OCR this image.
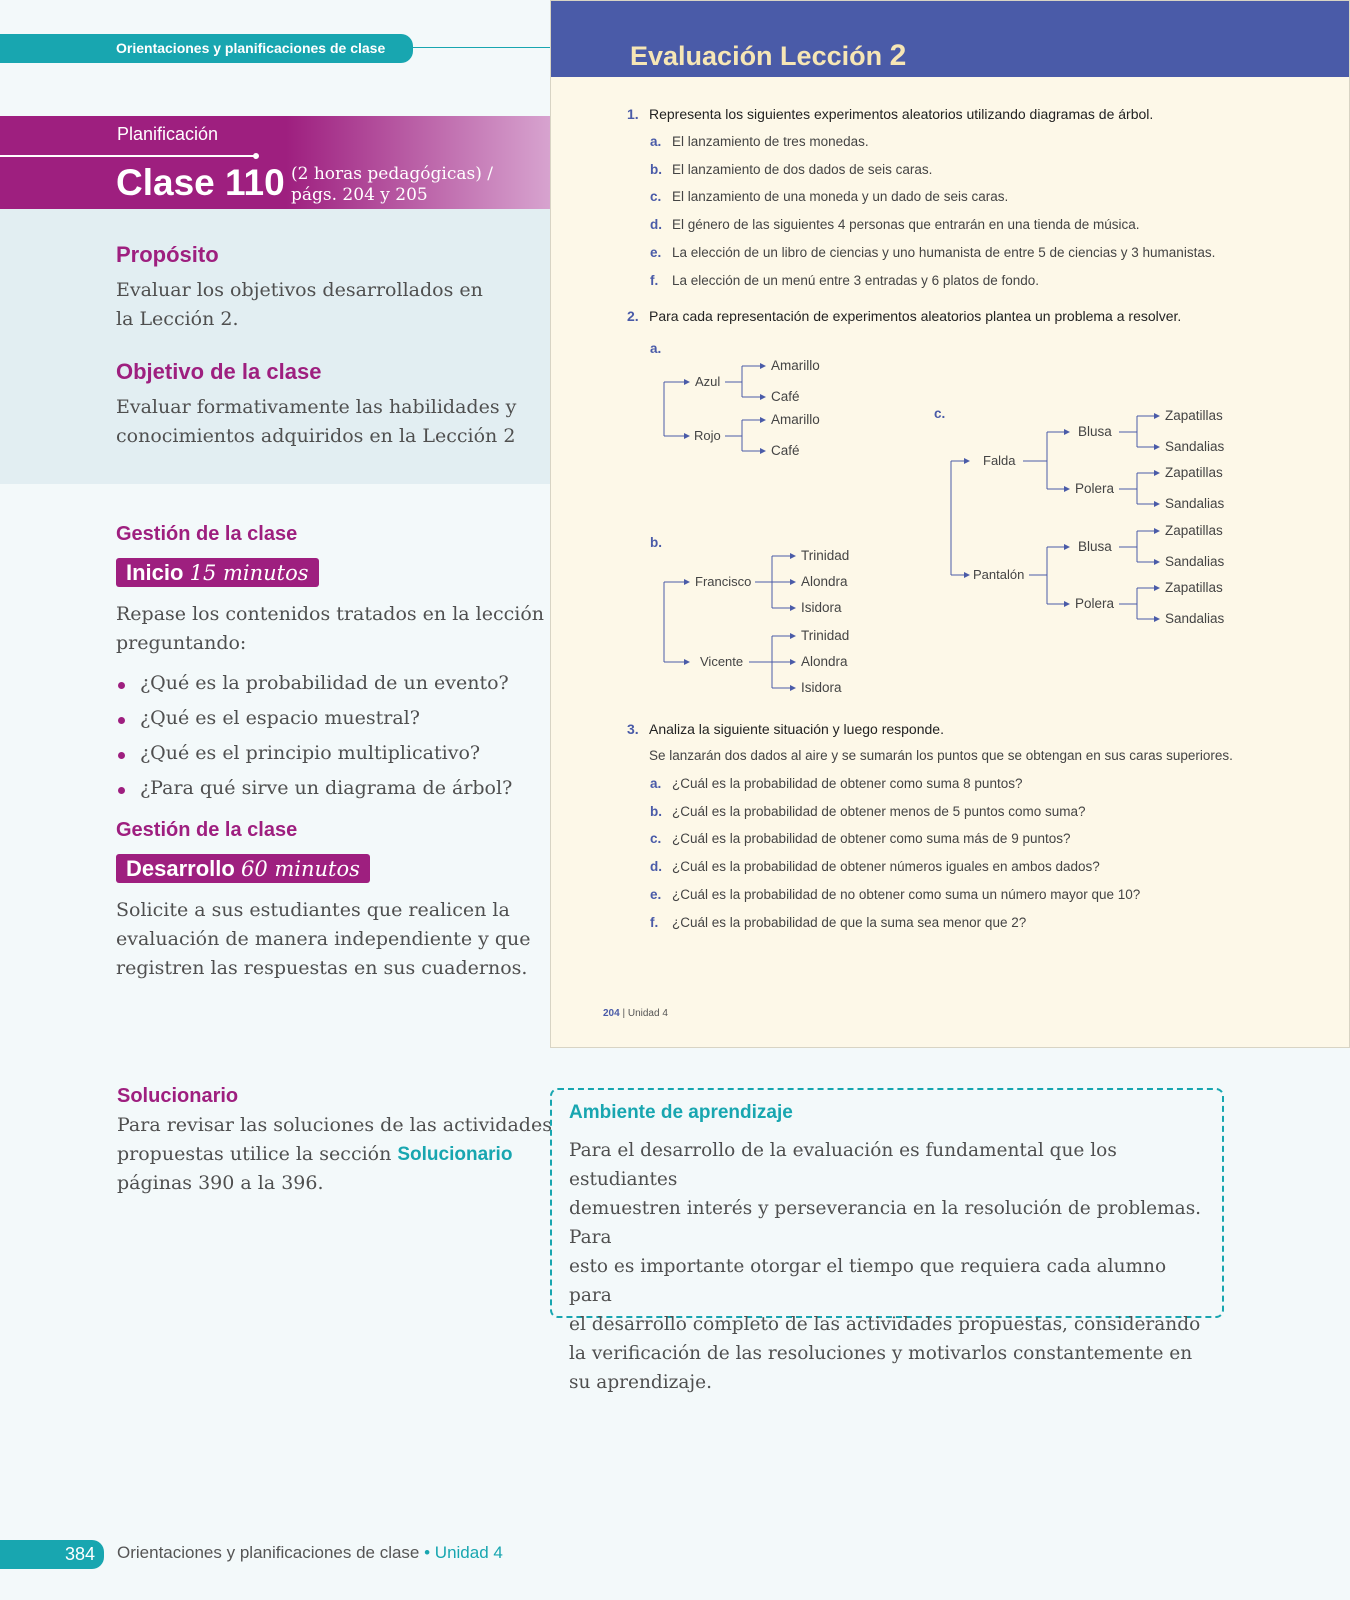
Orientaciones y planificaciones de clase
Planificación
Clase 110 (2 horas pedagógicas) /
págs. 204 y 205
Propósito
Evaluar los objetivos desarrollados en
la Lección 2.
Objetivo de la clase
Evaluar formativamente las habilidades y
conocimientos adquiridos en la Lección 2
Gestión de la clase
Inicio 15 minutos
Repase los contenidos tratados en la lección
preguntando:
¿Qué es la probabilidad de un evento?
¿Qué es el espacio muestral?
¿Qué es el principio multiplicativo?
¿Para qué sirve un diagrama de árbol?
Gestión de la clase
Desarrollo 60 minutos
Solicite a sus estudiantes que realicen la
evaluación de manera independiente y que
registren las respuestas en sus cuadernos.
Solucionario
Para revisar las soluciones de las actividades
propuestas utilice la sección Solucionario
páginas 390 a la 396.
Evaluación Lección 2
1. Representa los siguientes experimentos aleatorios utilizando diagramas de árbol.
a. El lanzamiento de tres monedas.
b. El lanzamiento de dos dados de seis caras.
c. El lanzamiento de una moneda y un dado de seis caras.
d. El género de las siguientes 4 personas que entrarán en una tienda de música.
e. La elección de un libro de ciencias y uno humanista de entre 5 de ciencias y 3 humanistas.
f. La elección de un menú entre 3 entradas y 6 platos de fondo.
2. Para cada representación de experimentos aleatorios plantea un problema a resolver.
a.
Azul
Rojo
Amarillo
Café
Amarillo
Café
b.
Francisco
Vicente
Trinidad
Alondra
Isidora
Trinidad
Alondra
Isidora
c.
Falda
Pantalón
Blusa
Polera
Blusa
Polera
Zapatillas
Sandalias
Zapatillas
Sandalias
Zapatillas
Sandalias
Zapatillas
Sandalias
3. Analiza la siguiente situación y luego responde.
Se lanzarán dos dados al aire y se sumarán los puntos que se obtengan en sus caras superiores.
a. ¿Cuál es la probabilidad de obtener como suma 8 puntos?
b. ¿Cuál es la probabilidad de obtener menos de 5 puntos como suma?
c. ¿Cuál es la probabilidad de obtener como suma más de 9 puntos?
d. ¿Cuál es la probabilidad de obtener números iguales en ambos dados?
e. ¿Cuál es la probabilidad de no obtener como suma un número mayor que 10?
f. ¿Cuál es la probabilidad de que la suma sea menor que 2?
204 | Unidad 4
Ambiente de aprendizaje
Para el desarrollo de la evaluación es fundamental que los estudiantes
demuestren interés y perseverancia en la resolución de problemas. Para
esto es importante otorgar el tiempo que requiera cada alumno para
el desarrollo completo de las actividades propuestas, considerando
la verificación de las resoluciones y motivarlos constantemente en
su aprendizaje.
384	Orientaciones y planificaciones de clase • Unidad 4
